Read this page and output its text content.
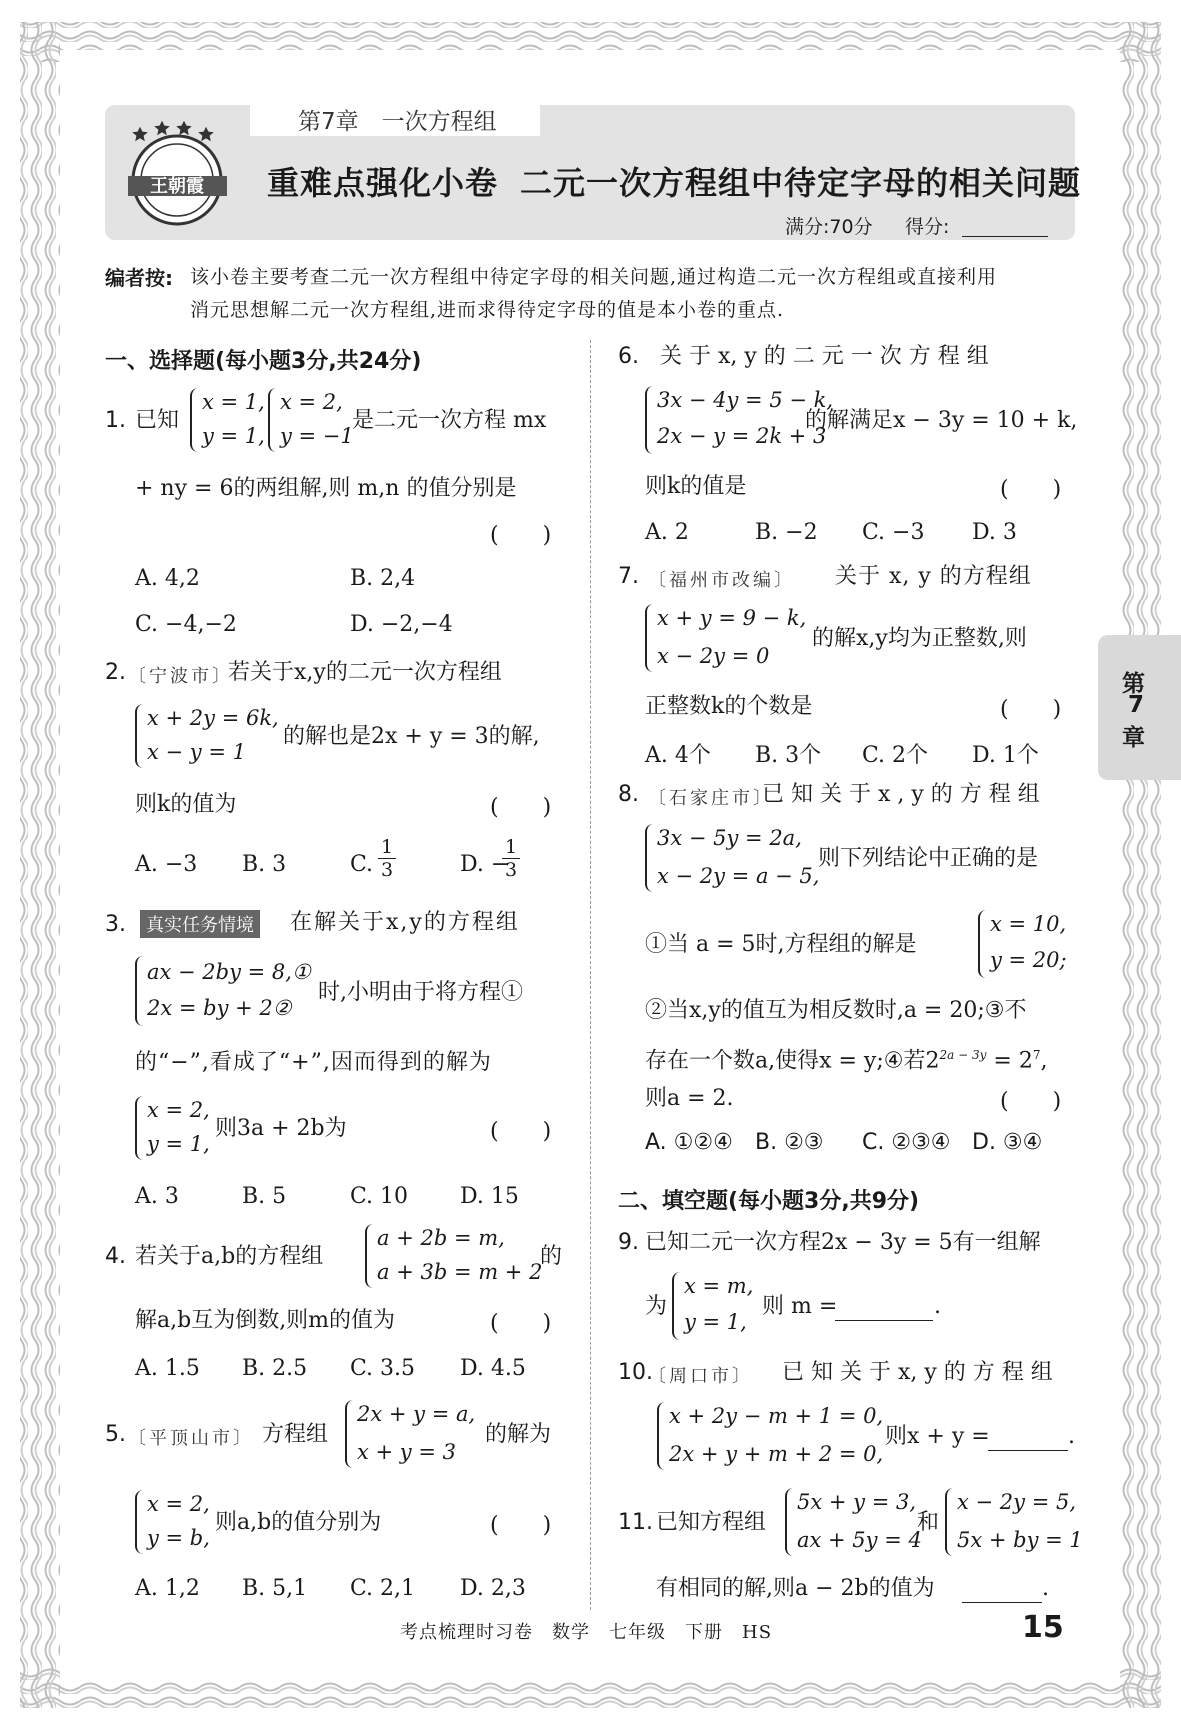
第7章　一次方程组
王朝霞 重难点强化小卷 二元一次方程组中待定字母的相关问题
满分:70分 得分:
编者按: 该小卷主要考查二元一次方程组中待定字母的相关问题,通过构造二元一次方程组或直接利用
消元思想解二元一次方程组,进而求得待定字母的值是本小卷的重点.
第
7
章
一、选择题(每小题3分,共24分)
1. 已知
x = 1,
y = 1,
x = 2,
y = −1
是二元一次方程 mx
+ ny = 6的两组解,则 m,n 的值分别是
(　　)
A. 4,2	B. 2,4
C. −4,−2	D. −2,−4
2. 〔宁波市〕
若关于x,y的二元一次方程组
x + 2y = 6k,
x − y = 1
的解也是2x + y = 3的解,
则k的值为	(　　)
A. −3 B. 3	C.
1
3	D. −
1
3
3.	真实任务情境 在解关于x,y的方程组
ax − 2by = 8,①
2x = by + 2②
时,小明由于将方程①
的“−”,看成了“+”,因而得到的解为
x = 2,
y = 1,
则3a + 2b为	(　　)
A. 3	B. 5	C. 10 D. 15
4. 若关于a,b的方程组
a + 2b = m,
a + 3b = m + 2
的
解a,b互为倒数,则m的值为	(　　)
A. 1.5 B. 2.5 C. 3.5 D. 4.5
5. 〔平顶山市〕 方程组
2x + y = a,
x + y = 3
的解为
x = 2,
y = b,
则a,b的值分别为	(　　)
A. 1,2 B. 5,1 C. 2,1 D. 2,3
6. 关 于 x, y 的 二 元 一 次 方 程 组
3x − 4y = 5 − k,
2x − y = 2k + 3
的解满足x − 3y = 10 + k,
则k的值是	(　　)
A. 2	B. −2 C. −3 D. 3
7. 〔福州市改编〕 关于 x, y 的方程组
x + y = 9 − k,
x − 2y = 0
的解x,y均为正整数,则
正整数k的个数是	(　　)
A. 4个 B. 3个 C. 2个 D. 1个
8. 〔石家庄市〕
已 知 关 于 x , y 的 方 程 组
3x − 5y = 2a,
x − 2y = a − 5,
则下列结论中正确的是
①当 a = 5时,方程组的解是
x = 10,
y = 20;
②当x,y的值互为相反数时,a = 20;③不
存在一个数a,使得x = y;④若$2^{2a - 3y} = 2^7$,
则a = 2.	(　　)
A. ①②④ B. ②③ C. ②③④ D. ③④
二、填空题(每小题3分,共9分)
9. 已知二元一次方程2x − 3y = 5有一组解
为
x = m,
y = 1,
则 m =	.
10.
〔周口市〕 已 知 关 于 x, y 的 方 程 组
x + 2y − m + 1 = 0,
2x + y + m + 2 = 0,
则x + y =	.
11. 已知方程组
5x + y = 3,
ax + 5y = 4
和
x − 2y = 5,
5x + by = 1
有相同的解,则a − 2b的值为	.
考点梳理时习卷　数学　七年级　下册　HS	15
